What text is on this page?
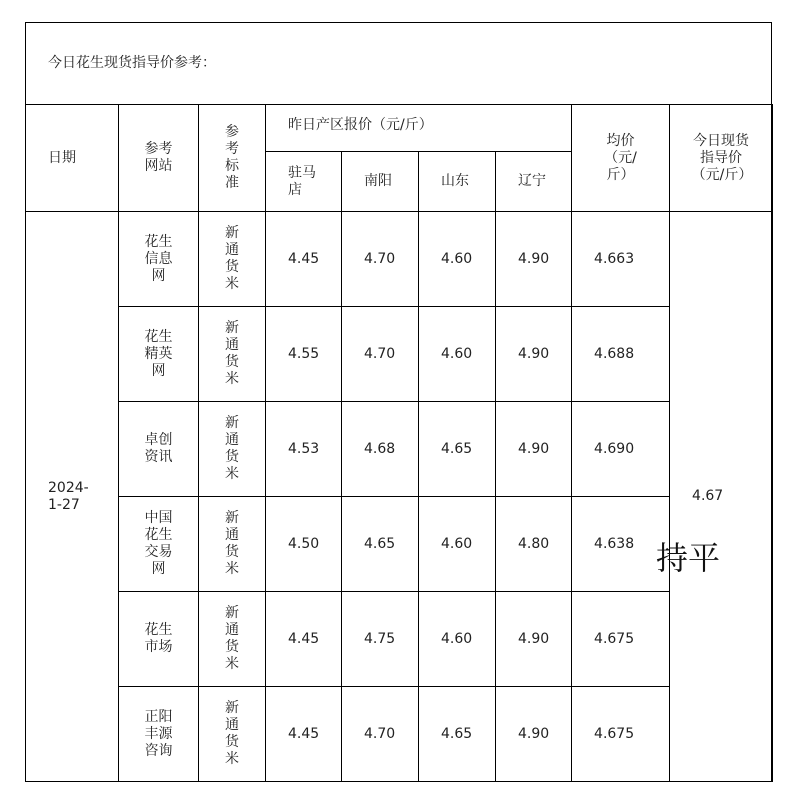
今日花生现货指导价参考：
日期	参考网站	参考标准	昨日产区报价（元/斤）				均价（元/斤）	今日现货指导价（元/斤）
			驻马店	南阳	山东	辽宁		
2024-1-27	花生信息网	新通货米	4.45	4.70	4.60	4.90	4.663	4.67
	花生精英网	新通货米	4.55	4.70	4.60	4.90	4.688	
	卓创资讯	新通货米	4.53	4.68	4.65	4.90	4.690	
	中国花生交易网	新通货米	4.50	4.65	4.60	4.80	4.638	
	花生市场	新通货米	4.45	4.75	4.60	4.90	4.675	
	正阳丰源咨询	新通货米	4.45	4.70	4.65	4.90	4.675	
持平
